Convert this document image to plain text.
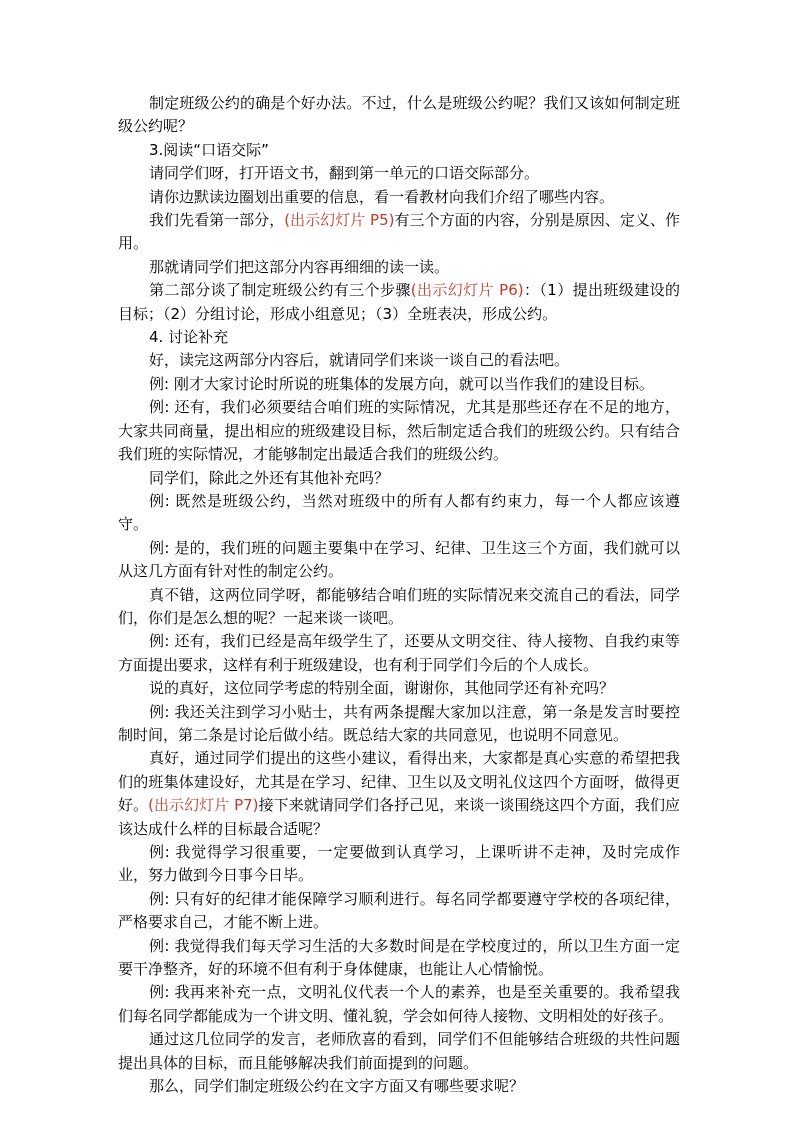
制定班级公约的确是个好办法。不过，什么是班级公约呢？我们又该如何制定班级公约呢？

3.阅读“口语交际”

请同学们呀，打开语文书，翻到第一单元的口语交际部分。

请你边默读边圈划出重要的信息，看一看教材向我们介绍了哪些内容。

我们先看第一部分，(出示幻灯片 P5)有三个方面的内容，分别是原因、定义、作用。

那就请同学们把这部分内容再细细的读一读。

第二部分谈了制定班级公约有三个步骤(出示幻灯片 P6)：（1）提出班级建设的目标；（2）分组讨论，形成小组意见；（3）全班表决，形成公约。

4. 讨论补充

好，读完这两部分内容后，就请同学们来谈一谈自己的看法吧。

例: 刚才大家讨论时所说的班集体的发展方向，就可以当作我们的建设目标。

例: 还有，我们必须要结合咱们班的实际情况，尤其是那些还存在不足的地方，大家共同商量，提出相应的班级建设目标，然后制定适合我们的班级公约。只有结合我们班的实际情况，才能够制定出最适合我们的班级公约。

同学们，除此之外还有其他补充吗？

例: 既然是班级公约，当然对班级中的所有人都有约束力，每一个人都应该遵守。

例: 是的，我们班的问题主要集中在学习、纪律、卫生这三个方面，我们就可以从这几方面有针对性的制定公约。

真不错，这两位同学呀，都能够结合咱们班的实际情况来交流自己的看法，同学们，你们是怎么想的呢？一起来谈一谈吧。

例: 还有，我们已经是高年级学生了，还要从文明交往、待人接物、自我约束等方面提出要求，这样有利于班级建设，也有利于同学们今后的个人成长。

说的真好，这位同学考虑的特别全面，谢谢你，其他同学还有补充吗？

例: 我还关注到学习小贴士，共有两条提醒大家加以注意，第一条是发言时要控制时间，第二条是讨论后做小结。既总结大家的共同意见，也说明不同意见。

真好，通过同学们提出的这些小建议，看得出来，大家都是真心实意的希望把我们的班集体建设好，尤其是在学习、纪律、卫生以及文明礼仪这四个方面呀，做得更好。(出示幻灯片 P7)接下来就请同学们各抒己见，来谈一谈围绕这四个方面，我们应该达成什么样的目标最合适呢？

例: 我觉得学习很重要，一定要做到认真学习，上课听讲不走神，及时完成作业，努力做到今日事今日毕。

例: 只有好的纪律才能保障学习顺利进行。每名同学都要遵守学校的各项纪律，严格要求自己，才能不断上进。

例: 我觉得我们每天学习生活的大多数时间是在学校度过的，所以卫生方面一定要干净整齐，好的环境不但有利于身体健康，也能让人心情愉悦。

例: 我再来补充一点，文明礼仪代表一个人的素养，也是至关重要的。我希望我们每名同学都能成为一个讲文明、懂礼貌，学会如何待人接物、文明相处的好孩子。

通过这几位同学的发言，老师欣喜的看到，同学们不但能够结合班级的共性问题提出具体的目标，而且能够解决我们前面提到的问题。

那么，同学们制定班级公约在文字方面又有哪些要求呢？
